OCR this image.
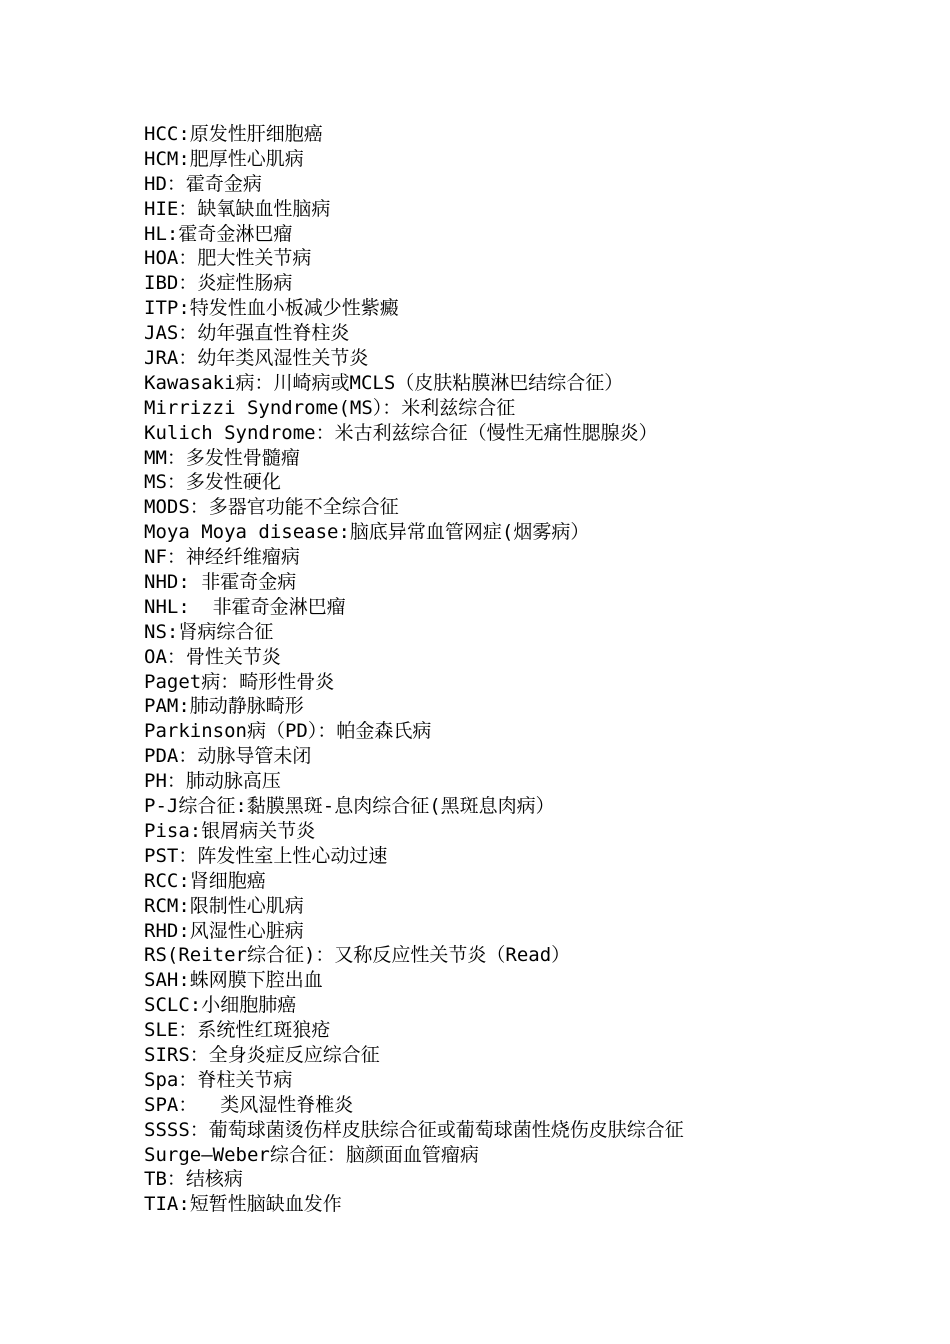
HCC:原发性肝细胞癌
HCM:肥厚性心肌病
HD：霍奇金病
HIE：缺氧缺血性脑病
HL:霍奇金淋巴瘤
HOA：肥大性关节病
IBD：炎症性肠病
ITP:特发性血小板减少性紫癜
JAS：幼年强直性脊柱炎
JRA：幼年类风湿性关节炎
Kawasaki病：川崎病或MCLS（皮肤粘膜淋巴结综合征）
Mirrizzi Syndrome(MS）：米利兹综合征
Kulich Syndrome：米古利兹综合征（慢性无痛性腮腺炎）
MM：多发性骨髓瘤
MS：多发性硬化
MODS：多器官功能不全综合征
Moya Moya disease:脑底异常血管网症(烟雾病）
NF：神经纤维瘤病
NHD: 非霍奇金病
NHL:  非霍奇金淋巴瘤
NS:肾病综合征
OA：骨性关节炎
Paget病：畸形性骨炎
PAM:肺动静脉畸形
Parkinson病（PD）：帕金森氏病
PDA：动脉导管未闭
PH：肺动脉高压
P-J综合征:黏膜黑斑-息肉综合征(黑斑息肉病）
Pisa:银屑病关节炎
PST：阵发性室上性心动过速
RCC:肾细胞癌
RCM:限制性心肌病
RHD:风湿性心脏病
RS(Reiter综合征)：又称反应性关节炎（Read）
SAH:蛛网膜下腔出血
SCLC:小细胞肺癌
SLE：系统性红斑狼疮
SIRS：全身炎症反应综合征
Spa：脊柱关节病
SPA：  类风湿性脊椎炎
SSSS：葡萄球菌烫伤样皮肤综合征或葡萄球菌性烧伤皮肤综合征
Surge—Weber综合征：脑颜面血管瘤病
TB：结核病
TIA:短暂性脑缺血发作
